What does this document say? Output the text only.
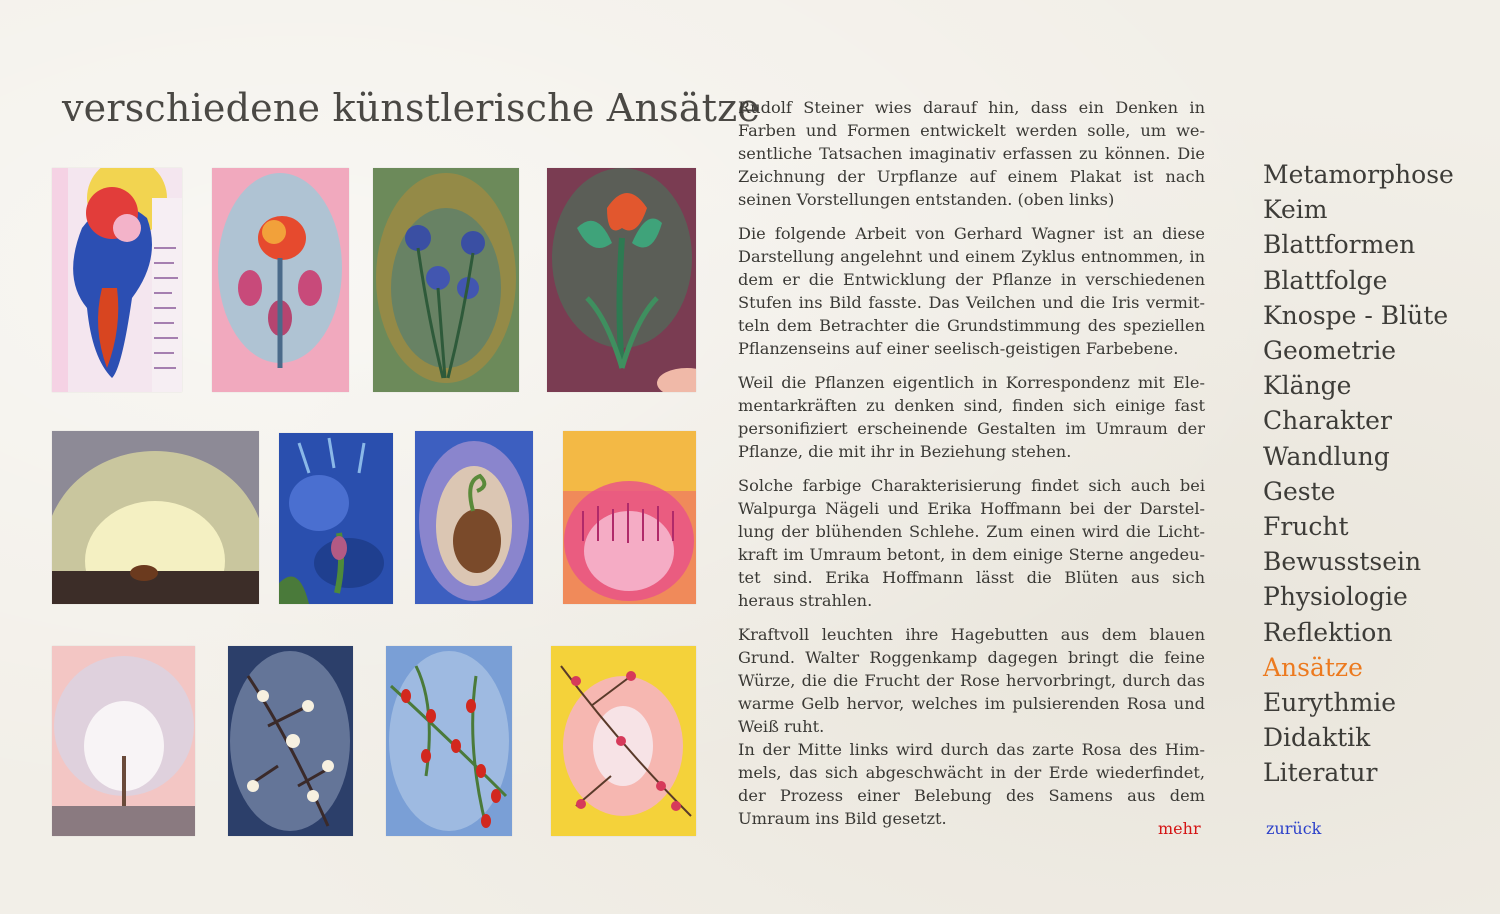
verschiedene künstlerische Ansätze

Rudolf Steiner wies darauf hin, dass ein Denken in Farben und Formen entwickelt werden solle, um wesentliche Tatsachen imaginativ erfassen zu können. Die Zeichnung der Urpflanze auf einem Plakat ist nach seinen Vorstellungen entstanden. (oben links)

Die folgende Arbeit von Gerhard Wagner ist an diese Darstellung angelehnt und einem Zyklus entnommen, in dem er die Entwicklung der Pflanze in verschiedenen Stufen ins Bild fasste. Das Veilchen und die Iris vermitteln dem Betrachter die Grundstimmung des speziellen Pflanzenseins auf einer seelisch-geistigen Farbebene.

Weil die Pflanzen eigentlich in Korrespondenz mit Elementarkräften zu denken sind, finden sich einige fast personifiziert erscheinende Gestalten im Umraum der Pflanze, die mit ihr in Beziehung stehen.

Solche farbige Charakterisierung findet sich auch bei Walpurga Nägeli und Erika Hoffmann bei der Darstellung der blühenden Schlehe. Zum einen wird die Lichtkraft im Umraum betont, in dem einige Sterne angedeutet sind. Erika Hoffmann lässt die Blüten aus sich heraus strahlen.

Kraftvoll leuchten ihre Hagebutten aus dem blauen Grund. Walter Roggenkamp dagegen bringt die feine Würze, die die Frucht der Rose hervorbringt, durch das warme Gelb hervor, welches im pulsierenden Rosa und Weiß ruht.

In der Mitte links wird durch das zarte Rosa des Himmels, das sich abgeschwächt in der Erde wiederfindet, der Prozess einer Belebung des Samens aus dem Umraum ins Bild gesetzt.

mehr
Metamorphose
Keim
Blattformen
Blattfolge
Knospe - Blüte
Geometrie
Klänge
Charakter
Wandlung
Geste
Frucht
Bewusstsein
Physiologie
Reflektion
Ansätze
Eurythmie
Didaktik
Literatur
zurück
